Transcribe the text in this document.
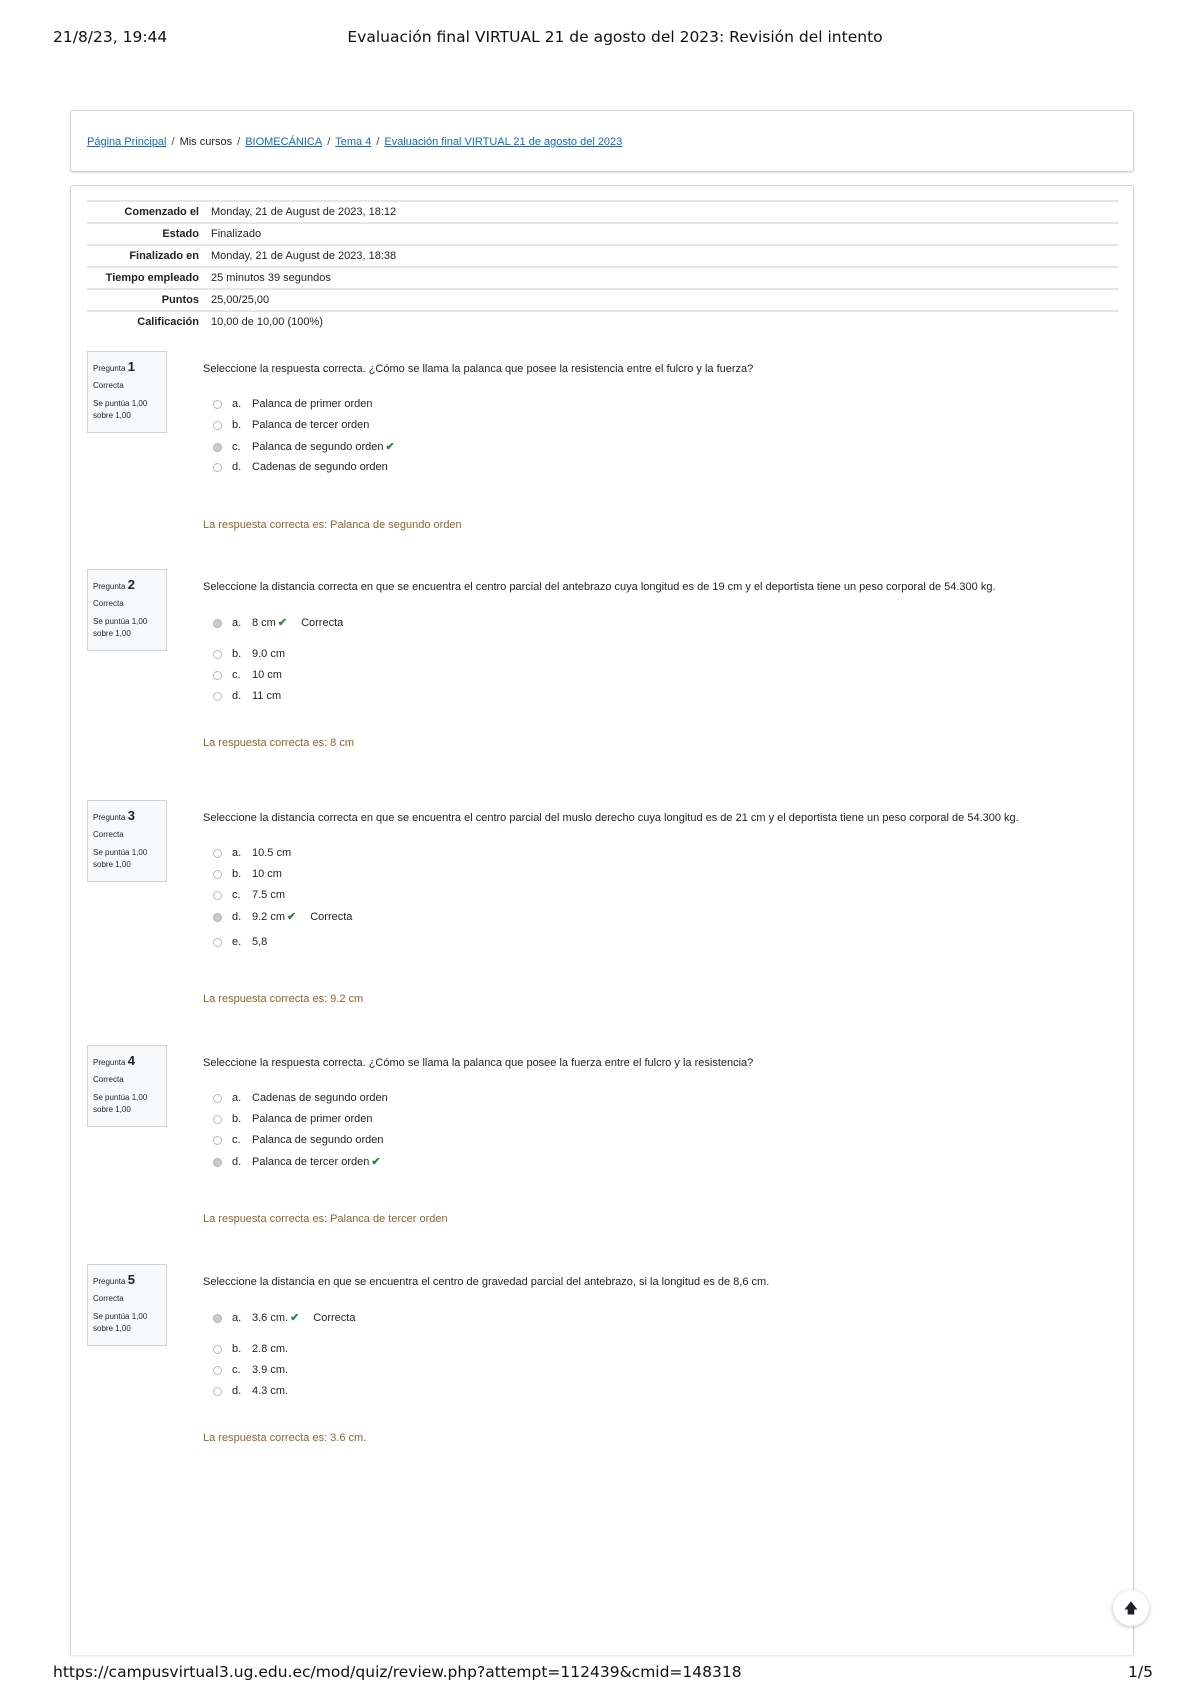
21/8/23, 19:44	Evaluación final VIRTUAL 21 de agosto del 2023: Revisión del intento
Página Principal / Mis cursos / BIOMECÁNICA / Tema 4 / Evaluación final VIRTUAL 21 de agosto del 2023
Comenzado el	Monday, 21 de August de 2023, 18:12
Estado	Finalizado
Finalizado en	Monday, 21 de August de 2023, 18:38
Tiempo empleado	25 minutos 39 segundos
Puntos	25,00/25,00
Calificación	10,00 de 10,00 (100%)
Pregunta 1
Correcta
Se puntúa 1,00
sobre 1,00
Seleccione la respuesta correcta. ¿Cómo se llama la palanca que posee la resistencia entre el fulcro y la fuerza?
a. Palanca de primer orden
b. Palanca de tercer orden
c. Palanca de segundo orden ✔
d. Cadenas de segundo orden
La respuesta correcta es: Palanca de segundo orden
Pregunta 2
Correcta
Se puntúa 1,00
sobre 1,00
Seleccione la distancia correcta en que se encuentra el centro parcial del antebrazo cuya longitud es de 19 cm y el deportista tiene un peso corporal de 54.300 kg.
a. 8 cm ✔ Correcta
b. 9.0 cm
c. 10 cm
d. 11 cm
La respuesta correcta es: 8 cm
Pregunta 3
Correcta
Se puntúa 1,00
sobre 1,00
Seleccione la distancia correcta en que se encuentra el centro parcial del muslo derecho cuya longitud es de 21 cm y el deportista tiene un peso corporal de 54.300 kg.
a. 10.5 cm
b. 10 cm
c. 7.5 cm
d. 9.2 cm ✔ Correcta
e. 5,8
La respuesta correcta es: 9.2 cm
Pregunta 4
Correcta
Se puntúa 1,00
sobre 1,00
Seleccione la respuesta correcta. ¿Cómo se llama la palanca que posee la fuerza entre el fulcro y la resistencia?
a. Cadenas de segundo orden
b. Palanca de primer orden
c. Palanca de segundo orden
d. Palanca de tercer orden ✔
La respuesta correcta es: Palanca de tercer orden
Pregunta 5
Correcta
Se puntúa 1,00
sobre 1,00
Seleccione la distancia en que se encuentra el centro de gravedad parcial del antebrazo, si la longitud es de 8,6 cm.
a. 3.6 cm. ✔ Correcta
b. 2.8 cm.
c. 3.9 cm.
d. 4.3 cm.
La respuesta correcta es: 3.6 cm.
🡅
https://campusvirtual3.ug.edu.ec/mod/quiz/review.php?attempt=112439&cmid=148318	1/5
